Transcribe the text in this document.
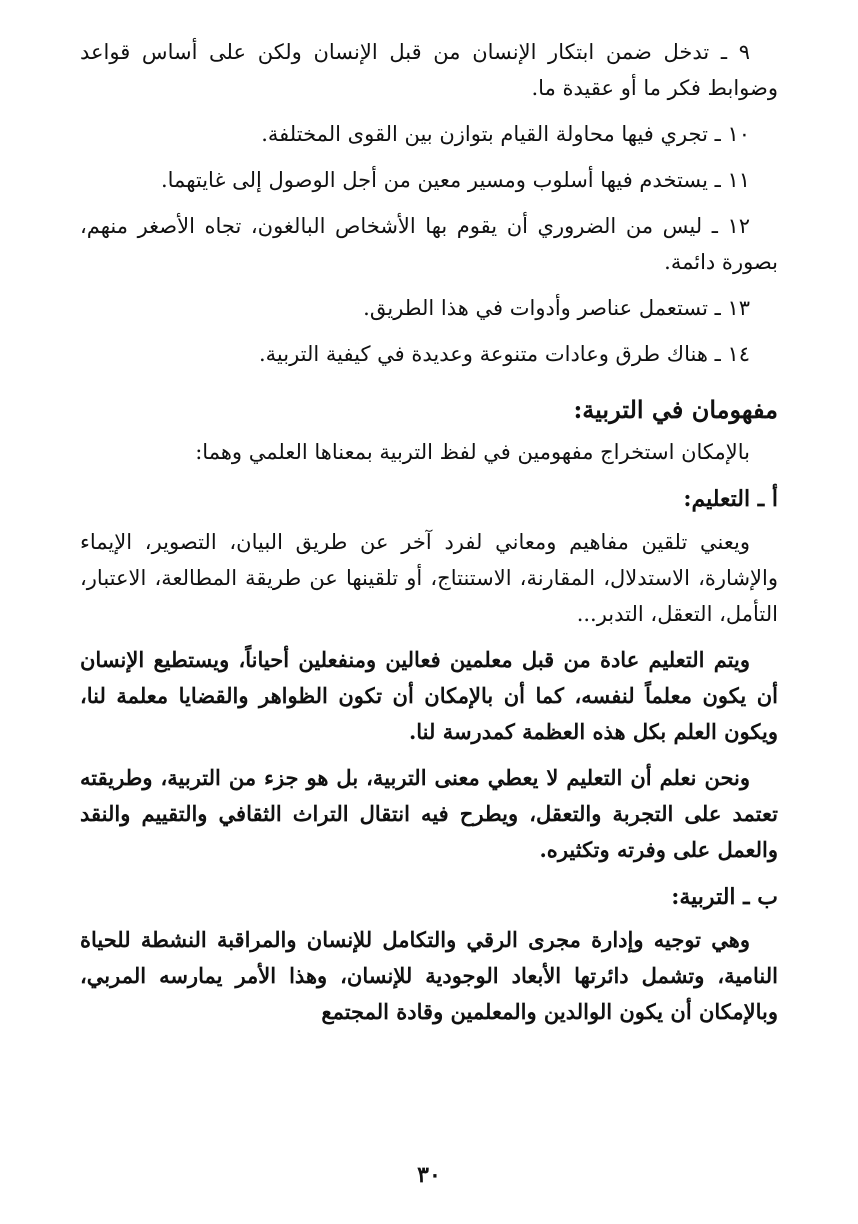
٩ ـ تدخل ضمن ابتكار الإنسان من قبل الإنسان ولكن على أساس قواعد وضوابط فكر ما أو عقيدة ما.

١٠ ـ تجري فيها محاولة القيام بتوازن بين القوى المختلفة.

١١ ـ يستخدم فيها أسلوب ومسير معين من أجل الوصول إلى غايتهما.

١٢ ـ ليس من الضروري أن يقوم بها الأشخاص البالغون، تجاه الأصغر منهم، بصورة دائمة.

١٣ ـ تستعمل عناصر وأدوات في هذا الطريق.

١٤ ـ هناك طرق وعادات متنوعة وعديدة في كيفية التربية.

مفهومان في التربية:

بالإمكان استخراج مفهومين في لفظ التربية بمعناها العلمي وهما:

أ ـ التعليم:

ويعني تلقين مفاهيم ومعاني لفرد آخر عن طريق البيان، التصوير، الإيماء والإشارة، الاستدلال، المقارنة، الاستنتاج، أو تلقينها عن طريقة المطالعة، الاعتبار، التأمل، التعقل، التدبر...

ويتم التعليم عادة من قبل معلمين فعالين ومنفعلين أحياناً، ويستطيع الإنسان أن يكون معلماً لنفسه، كما أن بالإمكان أن تكون الظواهر والقضايا معلمة لنا، ويكون العلم بكل هذه العظمة كمدرسة لنا.

ونحن نعلم أن التعليم لا يعطي معنى التربية، بل هو جزء من التربية، وطريقته تعتمد على التجربة والتعقل، ويطرح فيه انتقال التراث الثقافي والتقييم والنقد والعمل على وفرته وتكثيره.

ب ـ التربية:

وهي توجيه وإدارة مجرى الرقي والتكامل للإنسان والمراقبة النشطة للحياة النامية، وتشمل دائرتها الأبعاد الوجودية للإنسان، وهذا الأمر يمارسه المربي، وبالإمكان أن يكون الوالدين والمعلمين وقادة المجتمع

٣٠
